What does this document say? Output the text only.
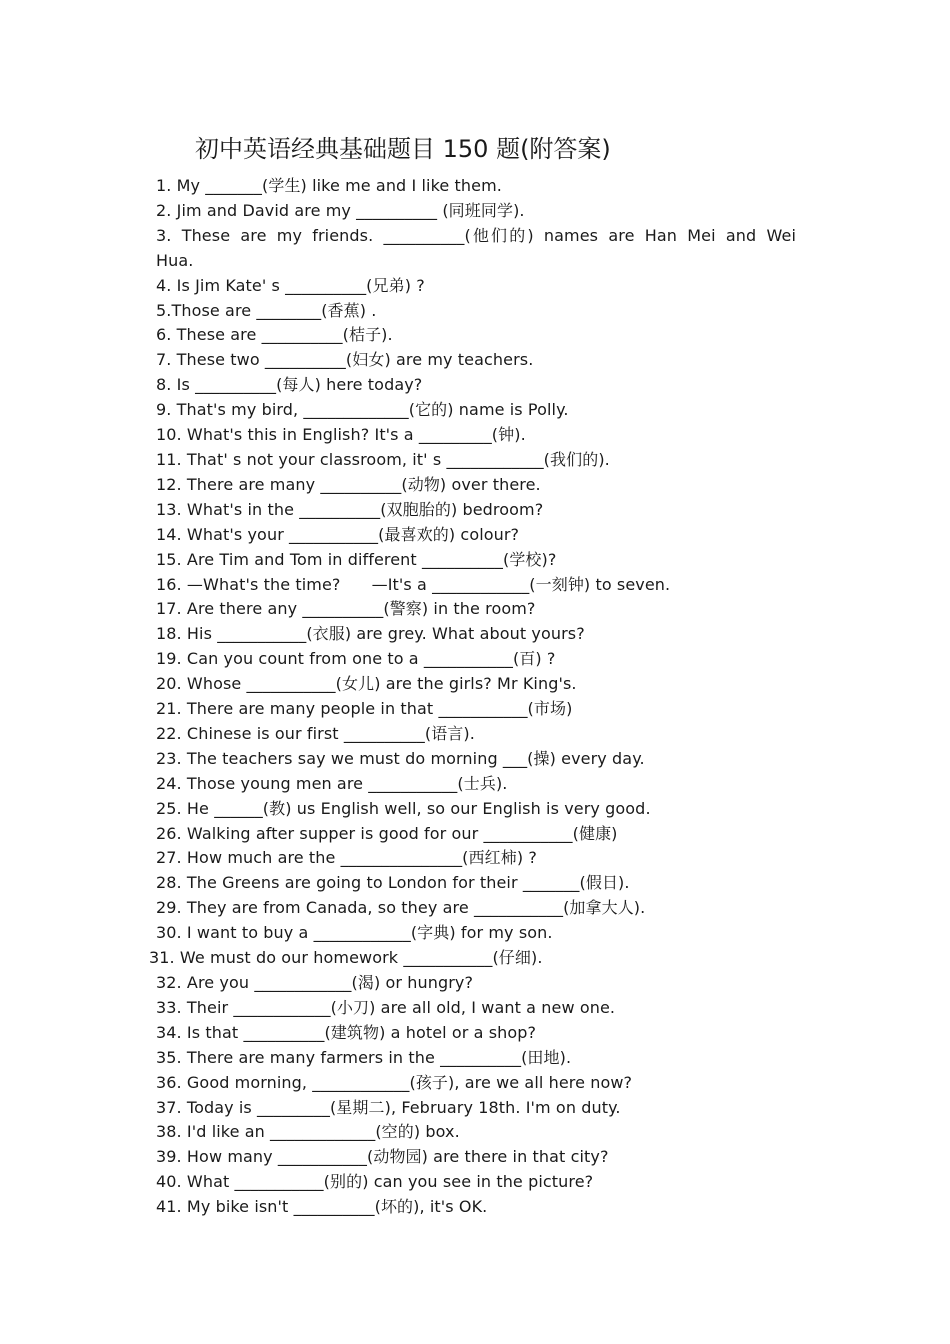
初中英语经典基础题目 150 题(附答案)
1. My _______(学生) like me and I like them.
2. Jim and David are my __________ (同班同学).
3. These are my friends. __________(他们的) names are Han Mei and Wei Hua.
4. Is Jim Kate' s __________(兄弟) ?
5.Those are ________(香蕉) .
6. These are __________(桔子).
7. These two __________(妇女) are my teachers.
8. Is __________(每人) here today?
9. That's my bird, _____________(它的) name is Polly.
10. What's this in English? It's a _________(钟).
11. That' s not your classroom, it' s ____________(我们的).
12. There are many __________(动物) over there.
13. What's in the __________(双胞胎的) bedroom?
14. What's your ___________(最喜欢的) colour?
15. Are Tim and Tom in different __________(学校)?
16. —What's the time?      —It's a ____________(一刻钟) to seven.
17. Are there any __________(警察) in the room?
18. His ___________(衣服) are grey. What about yours?
19. Can you count from one to a ___________(百) ?
20. Whose ___________(女儿) are the girls? Mr King's.
21. There are many people in that ___________(市场)
22. Chinese is our first __________(语言).
23. The teachers say we must do morning ___(操) every day.
24. Those young men are ___________(士兵).
25. He ______(教) us English well, so our English is very good.
26. Walking after supper is good for our ___________(健康)
27. How much are the _______________(西红柿) ?
28. The Greens are going to London for their _______(假日).
29. They are from Canada, so they are ___________(加拿大人).
30. I want to buy a ____________(字典) for my son.
31. We must do our homework ___________(仔细).
32. Are you ____________(渴) or hungry?
33. Their ____________(小刀) are all old, I want a new one.
34. Is that __________(建筑物) a hotel or a shop?
35. There are many farmers in the __________(田地).
36. Good morning, ____________(孩子), are we all here now?
37. Today is _________(星期二), February 18th. I'm on duty.
38. I'd like an _____________(空的) box.
39. How many ___________(动物园) are there in that city?
40. What ___________(别的) can you see in the picture?
41. My bike isn't __________(坏的), it's OK.
